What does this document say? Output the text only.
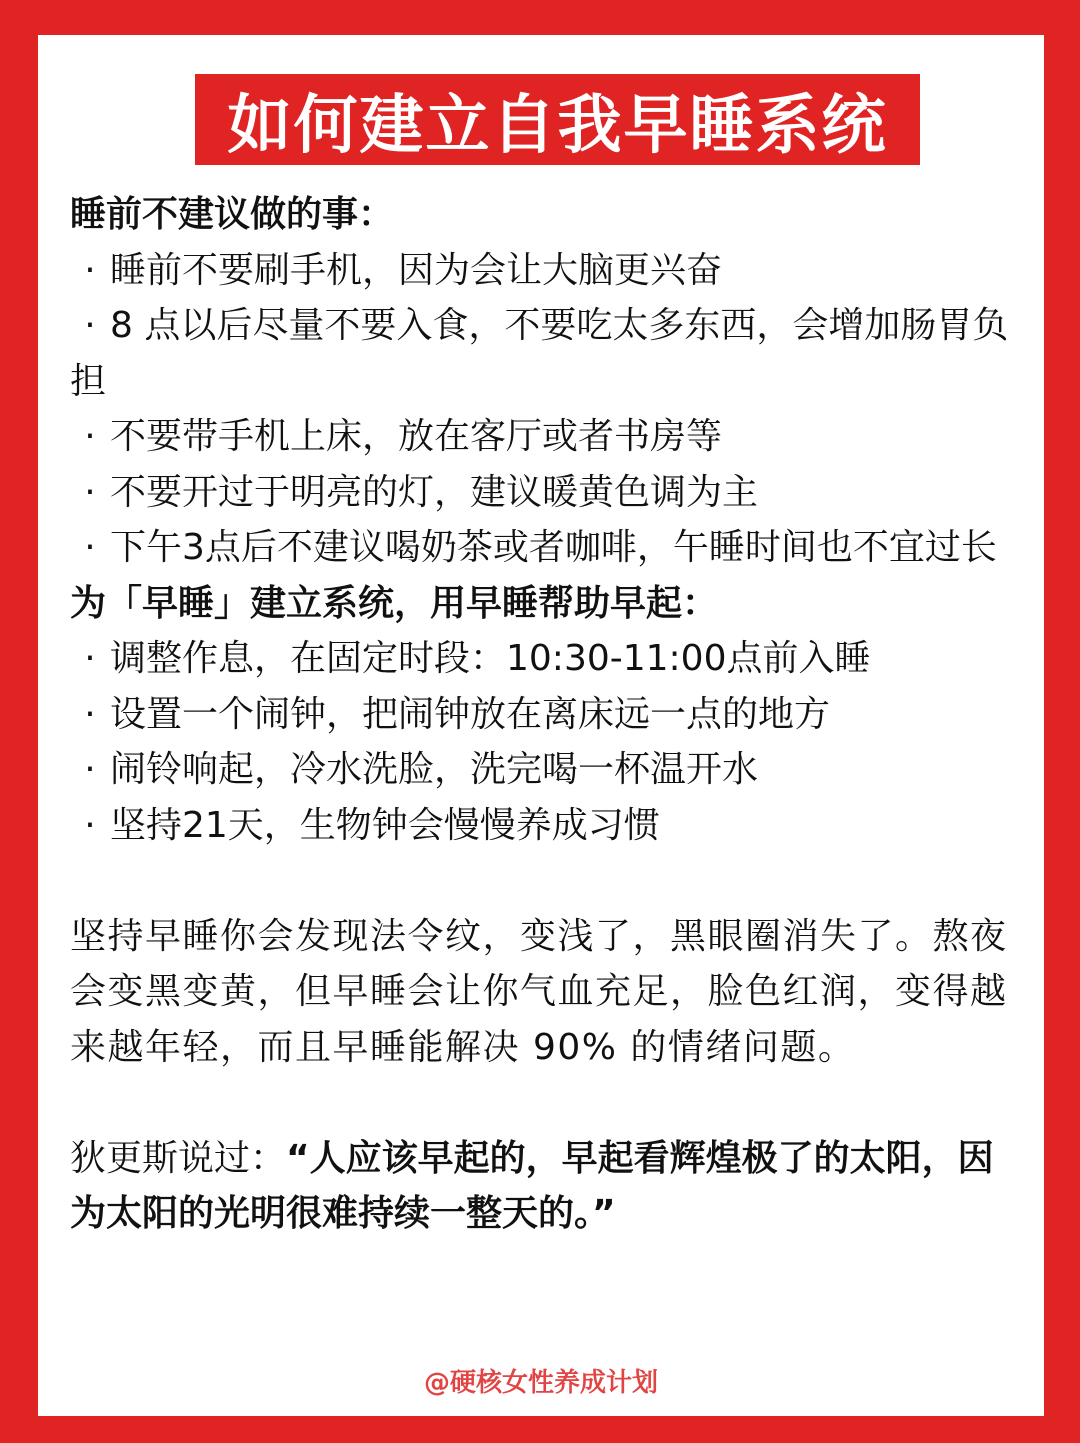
如何建立自我早睡系统
睡前不建议做的事：
· 睡前不要刷手机，因为会让大脑更兴奋
· 8 点以后尽量不要入食，不要吃太多东西，会增加肠胃负担
· 不要带手机上床，放在客厅或者书房等
· 不要开过于明亮的灯，建议暖黄色调为主
· 下午3点后不建议喝奶茶或者咖啡，午睡时间也不宜过长
为「早睡」建立系统，用早睡帮助早起：
· 调整作息，在固定时段：10:30-11:00点前入睡
· 设置一个闹钟，把闹钟放在离床远一点的地方
· 闹铃响起，冷水洗脸，洗完喝一杯温开水
· 坚持21天，生物钟会慢慢养成习惯
坚持早睡你会发现法令纹，变浅了，黑眼圈消失了。熬夜会变黑变黄，但早睡会让你气血充足，脸色红润，变得越来越年轻，而且早睡能解决 90% 的情绪问题。
狄更斯说过：“人应该早起的，早起看辉煌极了的太阳，因为太阳的光明很难持续一整天的。”
@硬核女性养成计划
